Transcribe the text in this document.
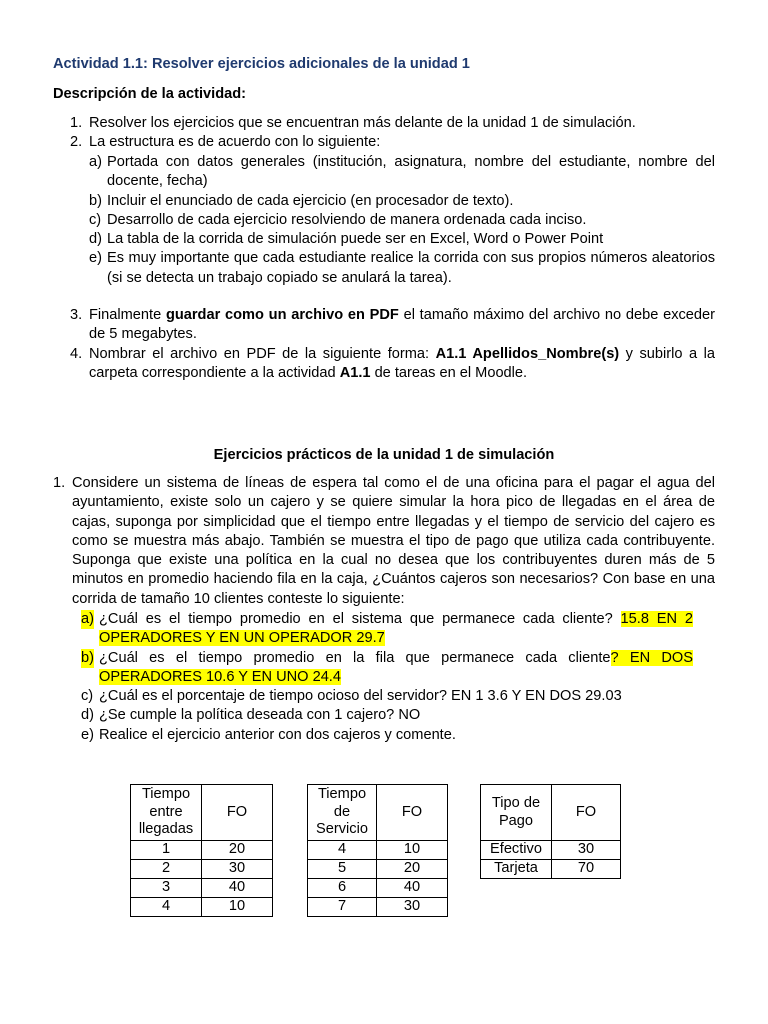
Actividad 1.1: Resolver ejercicios adicionales de la unidad 1
Descripción de la actividad:
1. Resolver los ejercicios que se encuentran más delante de la unidad 1 de simulación.
2. La estructura es de acuerdo con lo siguiente:
a) Portada con datos generales (institución, asignatura, nombre del estudiante, nombre del docente, fecha)
b) Incluir el enunciado de cada ejercicio (en procesador de texto).
c) Desarrollo de cada ejercicio resolviendo de manera ordenada cada inciso.
d) La tabla de la corrida de simulación puede ser en Excel, Word o Power Point
e) Es muy importante que cada estudiante realice la corrida con sus propios números aleatorios (si se detecta un trabajo copiado se anulará la tarea).
3. Finalmente guardar como un archivo en PDF el tamaño máximo del archivo no debe exceder de 5 megabytes.
4. Nombrar el archivo en PDF de la siguiente forma: A1.1 Apellidos_Nombre(s) y subirlo a la carpeta correspondiente a la actividad A1.1 de tareas en el Moodle.
Ejercicios prácticos de la unidad 1 de simulación
1. Considere un sistema de líneas de espera tal como el de una oficina para el pagar el agua del ayuntamiento, existe solo un cajero y se quiere simular la hora pico de llegadas en el área de cajas, suponga por simplicidad que el tiempo entre llegadas y el tiempo de servicio del cajero es como se muestra más abajo. También se muestra el tipo de pago que utiliza cada contribuyente. Suponga que existe una política en la cual no desea que los contribuyentes duren más de 5 minutos en promedio haciendo fila en la caja, ¿Cuántos cajeros son necesarios? Con base en una corrida de tamaño 10 clientes conteste lo siguiente:
a) ¿Cuál es el tiempo promedio en el sistema que permanece cada cliente? 15.8 EN 2 OPERADORES Y EN UN OPERADOR 29.7
b) ¿Cuál es el tiempo promedio en la fila que permanece cada cliente? EN DOS OPERADORES 10.6 Y EN UNO 24.4
c) ¿Cuál es el porcentaje de tiempo ocioso del servidor? EN 1 3.6 Y EN DOS 29.03
d) ¿Se cumple la política deseada con 1 cajero? NO
e) Realice el ejercicio anterior con dos cajeros y comente.
Tiempo entre llegadas	FO
1	20
2	30
3	40
4	10
Tiempo de Servicio	FO
4	10
5	20
6	40
7	30
Tipo de Pago	FO
Efectivo	30
Tarjeta	70
